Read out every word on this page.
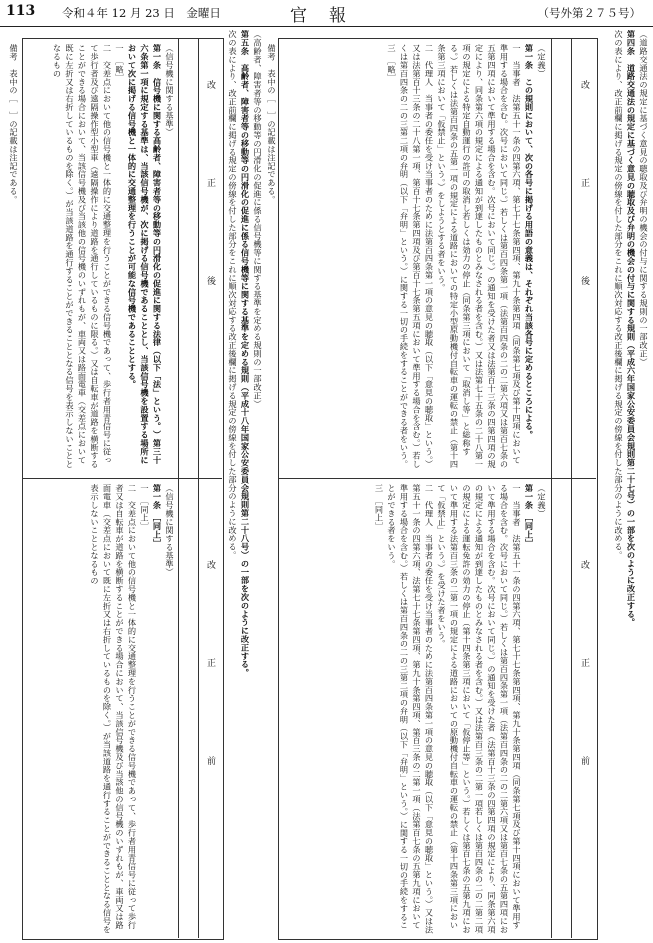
113 令和４年 12 月 23 日　金曜日	官報	（号外第２７５号）

（道路交通法の規定に基づく意見の聴取及び弁明の機会の付与に関する規則の一部改正）

第四条　道路交通法の規定に基づく意見の聴取及び弁明の機会の付与に関する規則（平成六年国家公安委員会規則第二十七号）の一部を次のように改正する。

次の表により、改正前欄に掲げる規定の傍線を付した部分をこれに順次対応する改正後欄に掲げる規定の傍線を付した部分のように改める。

改　正　後
改　正　前

（定義）

第一条　この規則において、次の各号に掲げる用語の意義は、それぞれ当該各号に定めるところによる。

一　当事者　法第五十一条の四第六項、第七十七条第四項、第九十条第四項（同条第七項及び第十四項において準用する場合を含む。次号において同じ。）若しくは第百四条第一項（法第百四条の二の二第六項又は第百七条の五第四項において準用する場合を含む。次号において同じ。）の通知を受けた者又は法第百十三条の四第四項の規定により、同条第六項の規定による通知が到達したものとみなされる者を含む。）又は法第七十五条の二十八第一項の規定による特定自動運行の許可の取消し若しくは効力の停止（同条第三項において「取消し等」と総称する。）若しくは法第百四条の五第一項の規定による道路においての特定小型原動機付自転車の運転の禁止（第十四条第三項において「仮禁止」という。）をしようとする者をいう。

二　代理人　当事者の委任を受け当事者のために法第百四条第一項の意見の聴取（以下「意見の聴取」という。）又は法第百十三条の二十八第一項、第百十七条第四項及び第百十七条第五項において準用する場合を含む。）若しくは第百四条の二の三第二項の弁明（以下「弁明」という。）に関する一切の手続をすることができる者をいう。

三　［略］

（定義）

第一条　［同上］

一　当事者　法第五十一条の四第六項、第七十七条第四項、第九十条第四項（同条第七項及び第十四項において準用する場合を含む。次号において同じ。）若しくは第百四条第一項（法第百四条の二の二第六項又は第百七条の五第四項において準用する場合を含む。次号において同じ。）の通知を受けた者（法第百十三条の四第四項の規定により、同条第六項の規定による通知が到達したものとみなされる者を含む。）又は法第百三条の二第一項若しくは第百四条の二の二第二項の規定による運転免許の効力の停止（第十四条第三項において「仮停止等」という。）若しくは第百七条の五第九項において準用する法第百三条の二第一項の規定による道路においての原動機付自転車の運転の禁止（第十四条第三項において「仮禁止」という。）を受けた者をいう。

二　代理人　当事者の委任を受け当事者のために法第百四条第一項の意見の聴取（以下「意見の聴取」という。）又は法第五十一条の四第六項、法第七十七条第四項、第九十条第四項、第百三条の二第一項（法第百七条の五第九項において準用する場合を含む。）若しくは第百四条の二の三第二項の弁明（以下「弁明」という。）に関する一切の手続をすることができる者をいう。

三　［同上］

備考　表中の［　］の記載は注記である。

（高齢者、障害者等の移動等の円滑化の促進に係る信号機等に関する基準を定める規則の一部改正）

第五条　高齢者、障害者等の移動等の円滑化の促進に係る信号機等に関する基準を定める規則（平成十八年国家公安委員会規則第二十八号）の一部を次のように改正する。

次の表により、改正前欄に掲げる規定の傍線を付した部分をこれに順次対応する改正後欄に掲げる規定の傍線を付した部分のように改める。

改　正　後
改　正　前

（信号機に関する基準）

第一条　信号機に関する高齢者、障害者等の移動等の円滑化の促進に関する法律（以下「法」という。）第三十六条第一項に規定する基準は、当該信号機が、次に掲げる信号機であることとし、当該信号機を設置する場所において次に掲げる信号機と一体的に交通整理を行うことが可能な信号機であることとする。

一　［略］

二　交差点において他の信号機と一体的に交通整理を行うことができる信号機であって、歩行者用青信号に従って歩行者及び遠隔操作型小型車（遠隔操作により道路を通行しているものに限る。）又は自転車が道路を横断することができる場合において、当該信号機及び当該他の信号機のいずれもが、車両又は路面電車（交差点において既に左折又は右折しているものを除く。）が当該道路を通行することができることとなる信号を表示しないこととなるもの

（信号機に関する基準）

第一条　［同上］

一　［同上］

二　交差点において他の信号機と一体的に交通整理を行うことができる信号機であって、歩行者用青信号に従って歩行者又は自転車が道路を横断することができる場合において、当該信号機及び当該他の信号機のいずれもが、車両又は路面電車（交差点において既に左折又は右折しているものを除く。）が当該道路を通行することができることとなる信号を表示しないこととなるもの

備考　表中の［　］の記載は注記である。
